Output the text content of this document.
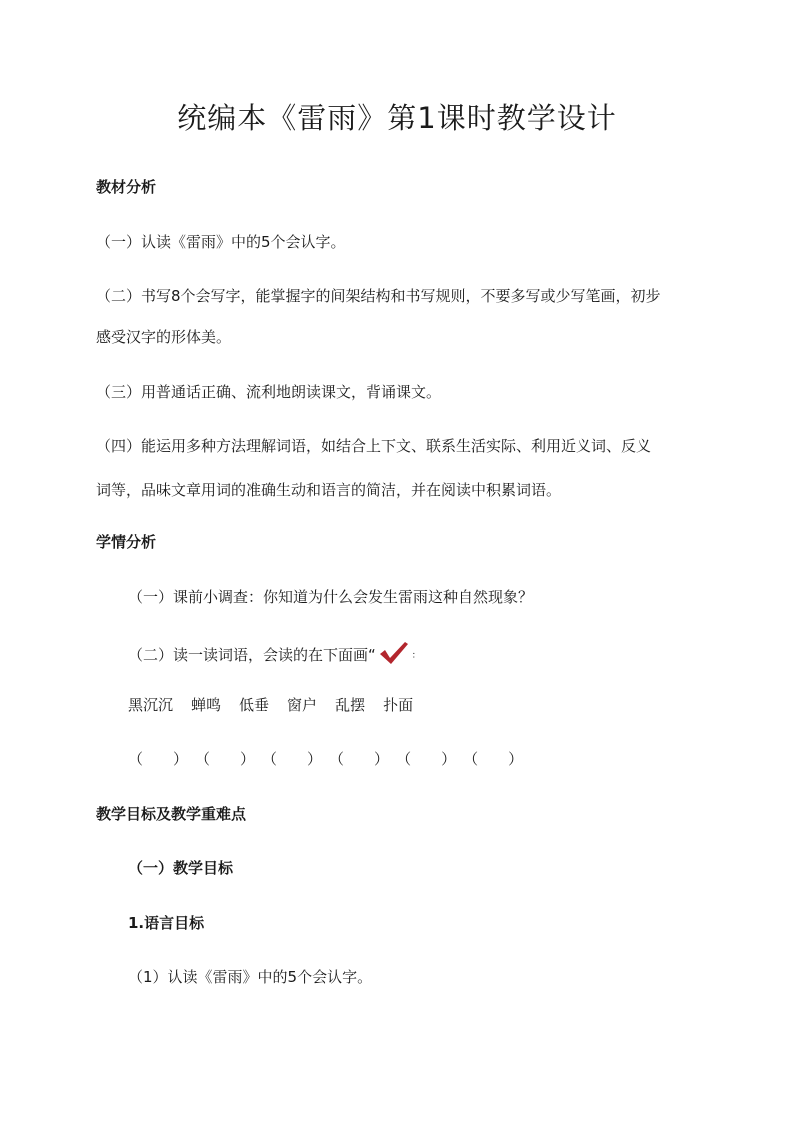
统编本《雷雨》第1课时教学设计

教材分析

（一）认读《雷雨》中的5个会认字。

（二）书写8个会写字，能掌握字的间架结构和书写规则，不要多写或少写笔画，初步

感受汉字的形体美。

（三）用普通话正确、流利地朗读课文，背诵课文。

（四）能运用多种方法理解词语，如结合上下文、联系生活实际、利用近义词、反义

词等，品味文章用词的准确生动和语言的简洁，并在阅读中积累词语。

学情分析

（一）课前小调查：你知道为什么会发生雷雨这种自然现象？

（二）读一读词语，会读的在下面画“	：

黑沉沉 蝉鸣 低垂 窗户 乱摆 扑面

（　　） （　　） （　　） （　　） （　　） （　　）

教学目标及教学重难点

（一）教学目标

1.语言目标

（1）认读《雷雨》中的5个会认字。
